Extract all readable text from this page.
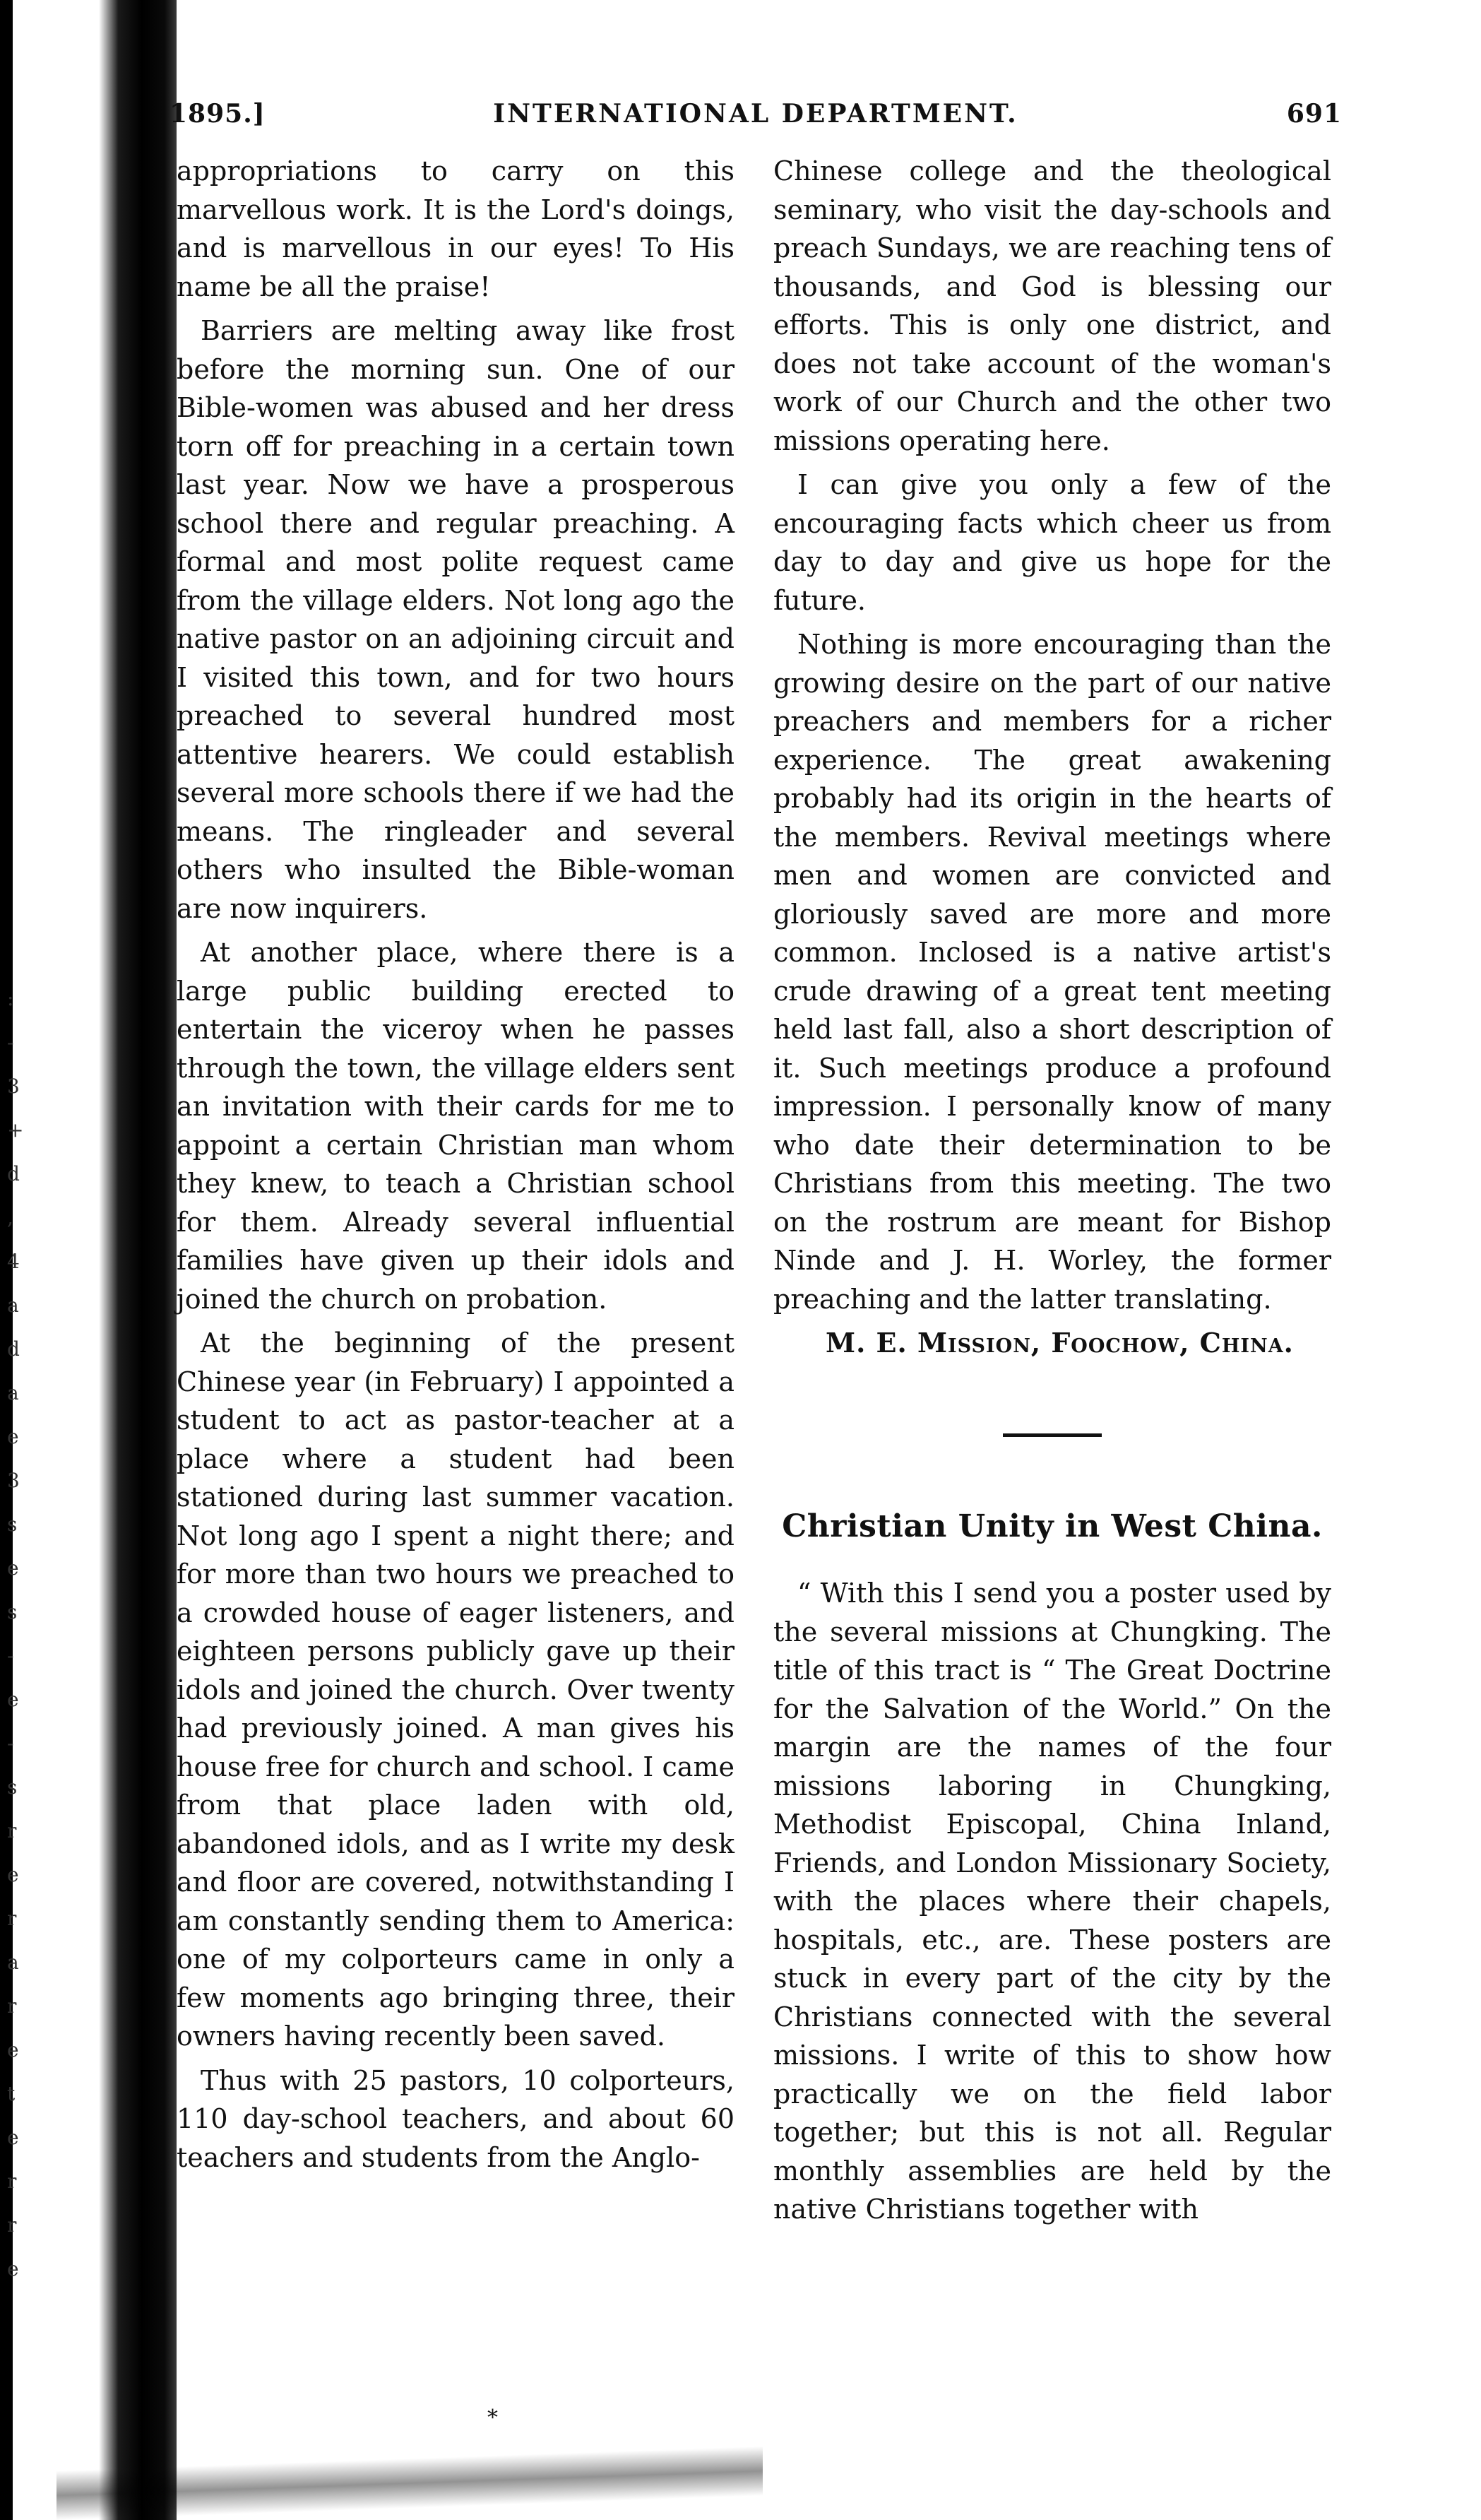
:
-
3
+
d
,
4
a
d
a
e
3
s
e
s
-
e
-
s
r
e
r
a
r
e
t
e
r
r
e
1895.]	INTERNATIONAL DEPARTMENT.	691

appropriations to carry on this marvellous work. It is the Lord's doings, and is marvellous in our eyes! To His name be all the praise!

Barriers are melting away like frost before the morning sun. One of our Bible-women was abused and her dress torn off for preaching in a certain town last year. Now we have a prosperous school there and regular preaching. A formal and most polite request came from the village elders. Not long ago the native pastor on an adjoining circuit and I visited this town, and for two hours preached to several hundred most attentive hearers. We could establish several more schools there if we had the means. The ringleader and several others who insulted the Bible-woman are now inquirers.

At another place, where there is a large public building erected to entertain the viceroy when he passes through the town, the village elders sent an invitation with their cards for me to appoint a certain Christian man whom they knew, to teach a Christian school for them. Already several influential families have given up their idols and joined the church on probation.

At the beginning of the present Chinese year (in February) I appointed a student to act as pastor-teacher at a place where a student had been stationed during last summer vacation. Not long ago I spent a night there; and for more than two hours we preached to a crowded house of eager listeners, and eighteen persons publicly gave up their idols and joined the church. Over twenty had previously joined. A man gives his house free for church and school. I came from that place laden with old, abandoned idols, and as I write my desk and floor are covered, notwithstanding I am constantly sending them to America: one of my colporteurs came in only a few moments ago bringing three, their owners having recently been saved.

Thus with 25 pastors, 10 colporteurs, 110 day-school teachers, and about 60 teachers and students from the Anglo-

Chinese college and the theological seminary, who visit the day-schools and preach Sundays, we are reaching tens of thousands, and God is blessing our efforts. This is only one district, and does not take account of the woman's work of our Church and the other two missions operating here.

I can give you only a few of the encouraging facts which cheer us from day to day and give us hope for the future.

Nothing is more encouraging than the growing desire on the part of our native preachers and members for a richer experience. The great awakening probably had its origin in the hearts of the members. Revival meetings where men and women are convicted and gloriously saved are more and more common. Inclosed is a native artist's crude drawing of a great tent meeting held last fall, also a short description of it. Such meetings produce a profound impression. I personally know of many who date their determination to be Christians from this meeting. The two on the rostrum are meant for Bishop Ninde and J. H. Worley, the former preaching and the latter translating.

M. E. Mission, Foochow, China.

Christian Unity in West China.

“ With this I send you a poster used by the several missions at Chungking. The title of this tract is “ The Great Doctrine for the Salvation of the World.” On the margin are the names of the four missions laboring in Chungking, Methodist Episcopal, China Inland, Friends, and London Missionary Society, with the places where their chapels, hospitals, etc., are. These posters are stuck in every part of the city by the Christians connected with the several missions. I write of this to show how practically we on the field labor together; but this is not all. Regular monthly assemblies are held by the native Christians together with

*
